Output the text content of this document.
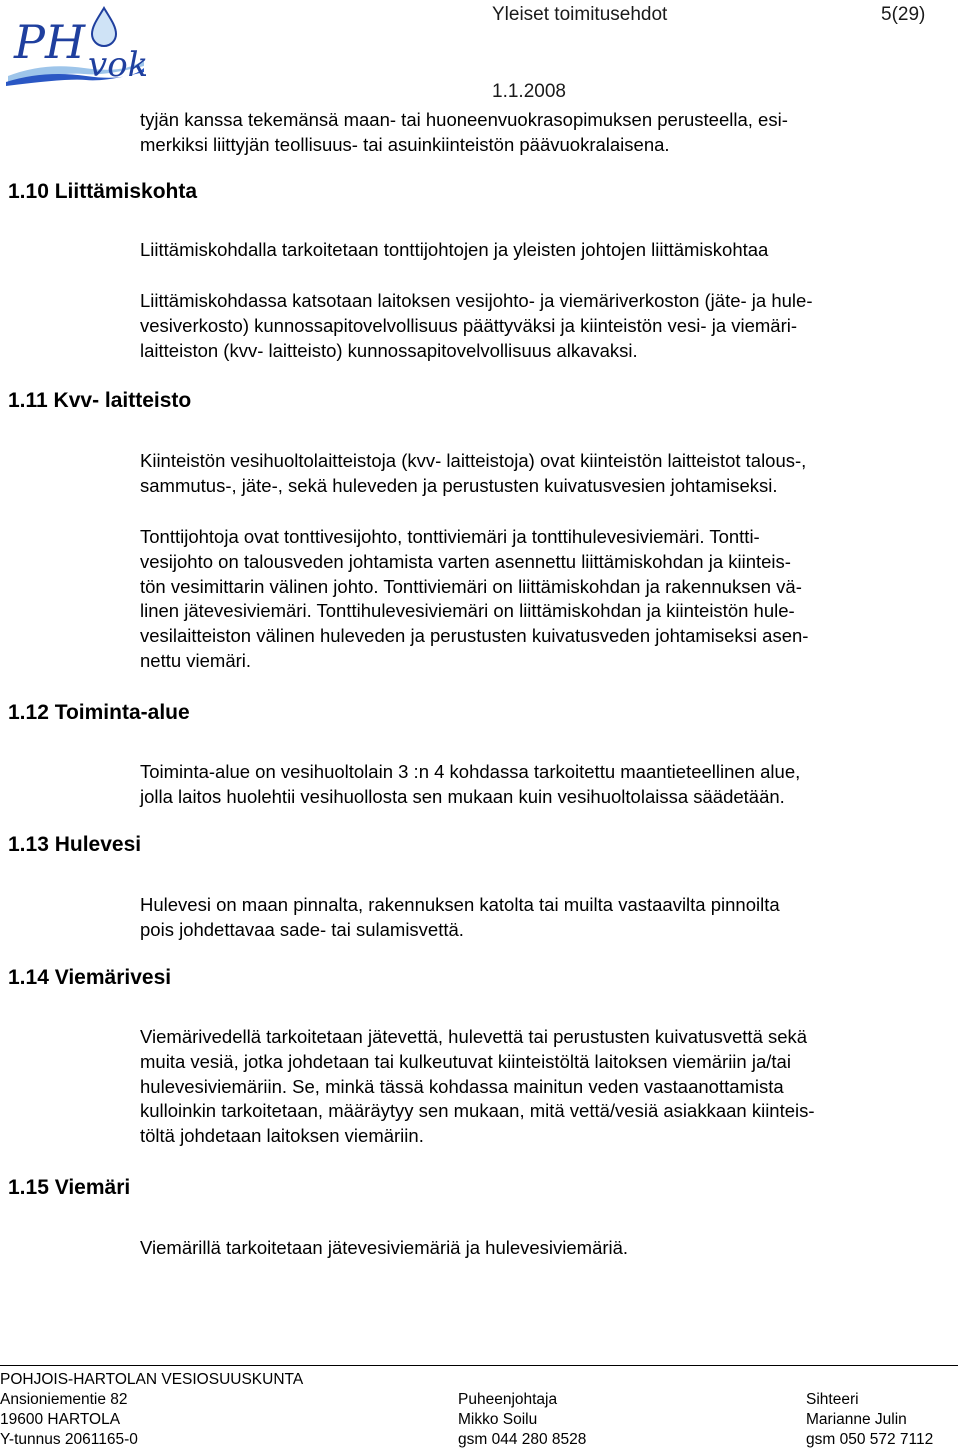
PH vok
Yleiset toimitusehdot	5(29)
1.1.2008
tyjän kanssa tekemänsä maan- tai huoneenvuokrasopimuksen perusteella, esi-
merkiksi liittyjän teollisuus- tai asuinkiinteistön päävuokralaisena.
1.10 Liittämiskohta
Liittämiskohdalla tarkoitetaan tonttijohtojen ja yleisten johtojen liittämiskohtaa
Liittämiskohdassa katsotaan laitoksen vesijohto- ja viemäriverkoston (jäte- ja hule-
vesiverkosto) kunnossapitovelvollisuus päättyväksi ja kiinteistön vesi- ja viemäri-
laitteiston (kvv- laitteisto) kunnossapitovelvollisuus alkavaksi.
1.11 Kvv- laitteisto
Kiinteistön vesihuoltolaitteistoja (kvv- laitteistoja) ovat kiinteistön laitteistot talous-,
sammutus-, jäte-, sekä huleveden ja perustusten kuivatusvesien johtamiseksi.
Tonttijohtoja ovat tonttivesijohto, tonttiviemäri ja tonttihulevesiviemäri. Tontti-
vesijohto on talousveden johtamista varten asennettu liittämiskohdan ja kiinteis-
tön vesimittarin välinen johto. Tonttiviemäri on liittämiskohdan ja rakennuksen vä-
linen jätevesiviemäri. Tonttihulevesiviemäri on liittämiskohdan ja kiinteistön hule-
vesilaitteiston välinen huleveden ja perustusten kuivatusveden johtamiseksi asen-
nettu viemäri.
1.12 Toiminta-alue
Toiminta-alue on vesihuoltolain 3 :n 4 kohdassa tarkoitettu maantieteellinen alue,
jolla laitos huolehtii vesihuollosta sen mukaan kuin vesihuoltolaissa säädetään.
1.13 Hulevesi
Hulevesi on maan pinnalta, rakennuksen katolta tai muilta vastaavilta pinnoilta
pois johdettavaa sade- tai sulamisvettä.
1.14 Viemärivesi
Viemärivedellä tarkoitetaan jätevettä, hulevettä tai perustusten kuivatusvettä sekä
muita vesiä, jotka johdetaan tai kulkeutuvat kiinteistöltä laitoksen viemäriin ja/tai
hulevesiviemäriin. Se, minkä tässä kohdassa mainitun veden vastaanottamista
kulloinkin tarkoitetaan, määräytyy sen mukaan, mitä vettä/vesiä asiakkaan kiinteis-
töltä johdetaan laitoksen viemäriin.
1.15 Viemäri
Viemärillä tarkoitetaan jätevesiviemäriä ja hulevesiviemäriä.
POHJOIS-HARTOLAN VESIOSUUSKUNTA
Ansioniementie 82
19600 HARTOLA
Y-tunnus 2061165-0
Puheenjohtaja
Mikko Soilu
gsm 044 280 8528
Sihteeri
Marianne Julin
gsm 050 572 7112
